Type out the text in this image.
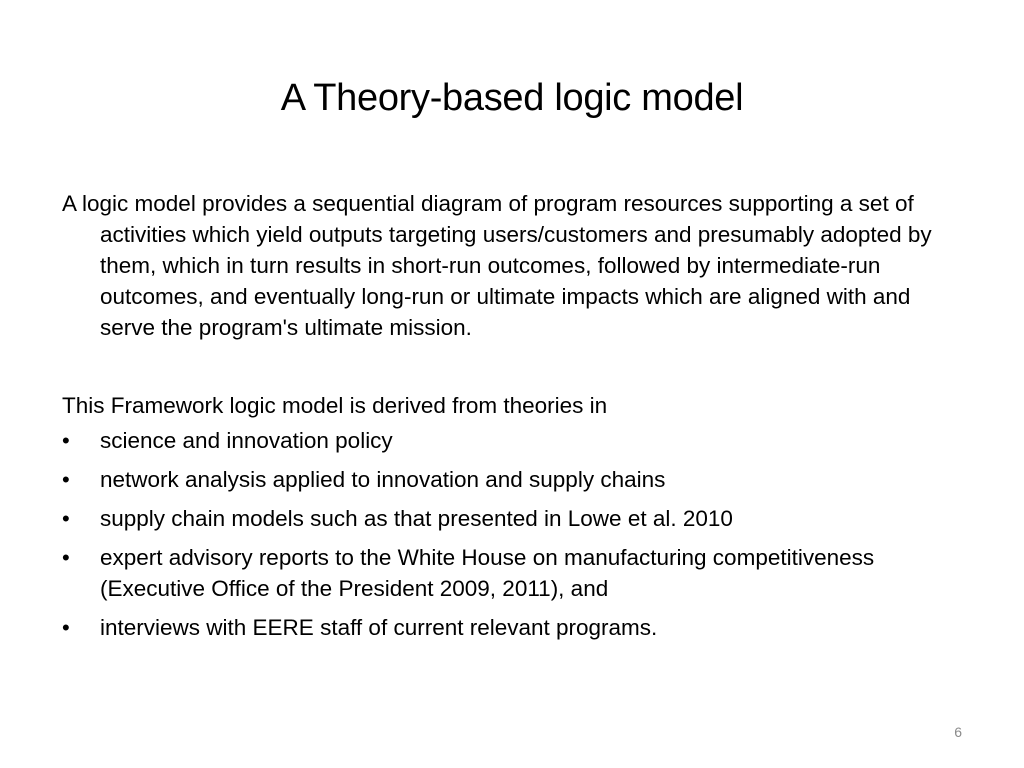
A Theory-based logic model

A logic model provides a sequential diagram of program resources supporting a set of activities which yield outputs targeting users/customers and presumably adopted by them, which in turn results in short-run outcomes, followed by intermediate-run outcomes, and eventually long-run or ultimate impacts which are aligned with and serve the program's ultimate mission.

This Framework logic model is derived from theories in

• science and innovation policy
• network analysis applied to innovation and supply chains
• supply chain models such as that presented in Lowe et al. 2010
• expert advisory reports to the White House on manufacturing competitiveness (Executive Office of the President 2009, 2011), and
• interviews with EERE staff of current relevant programs.
6
